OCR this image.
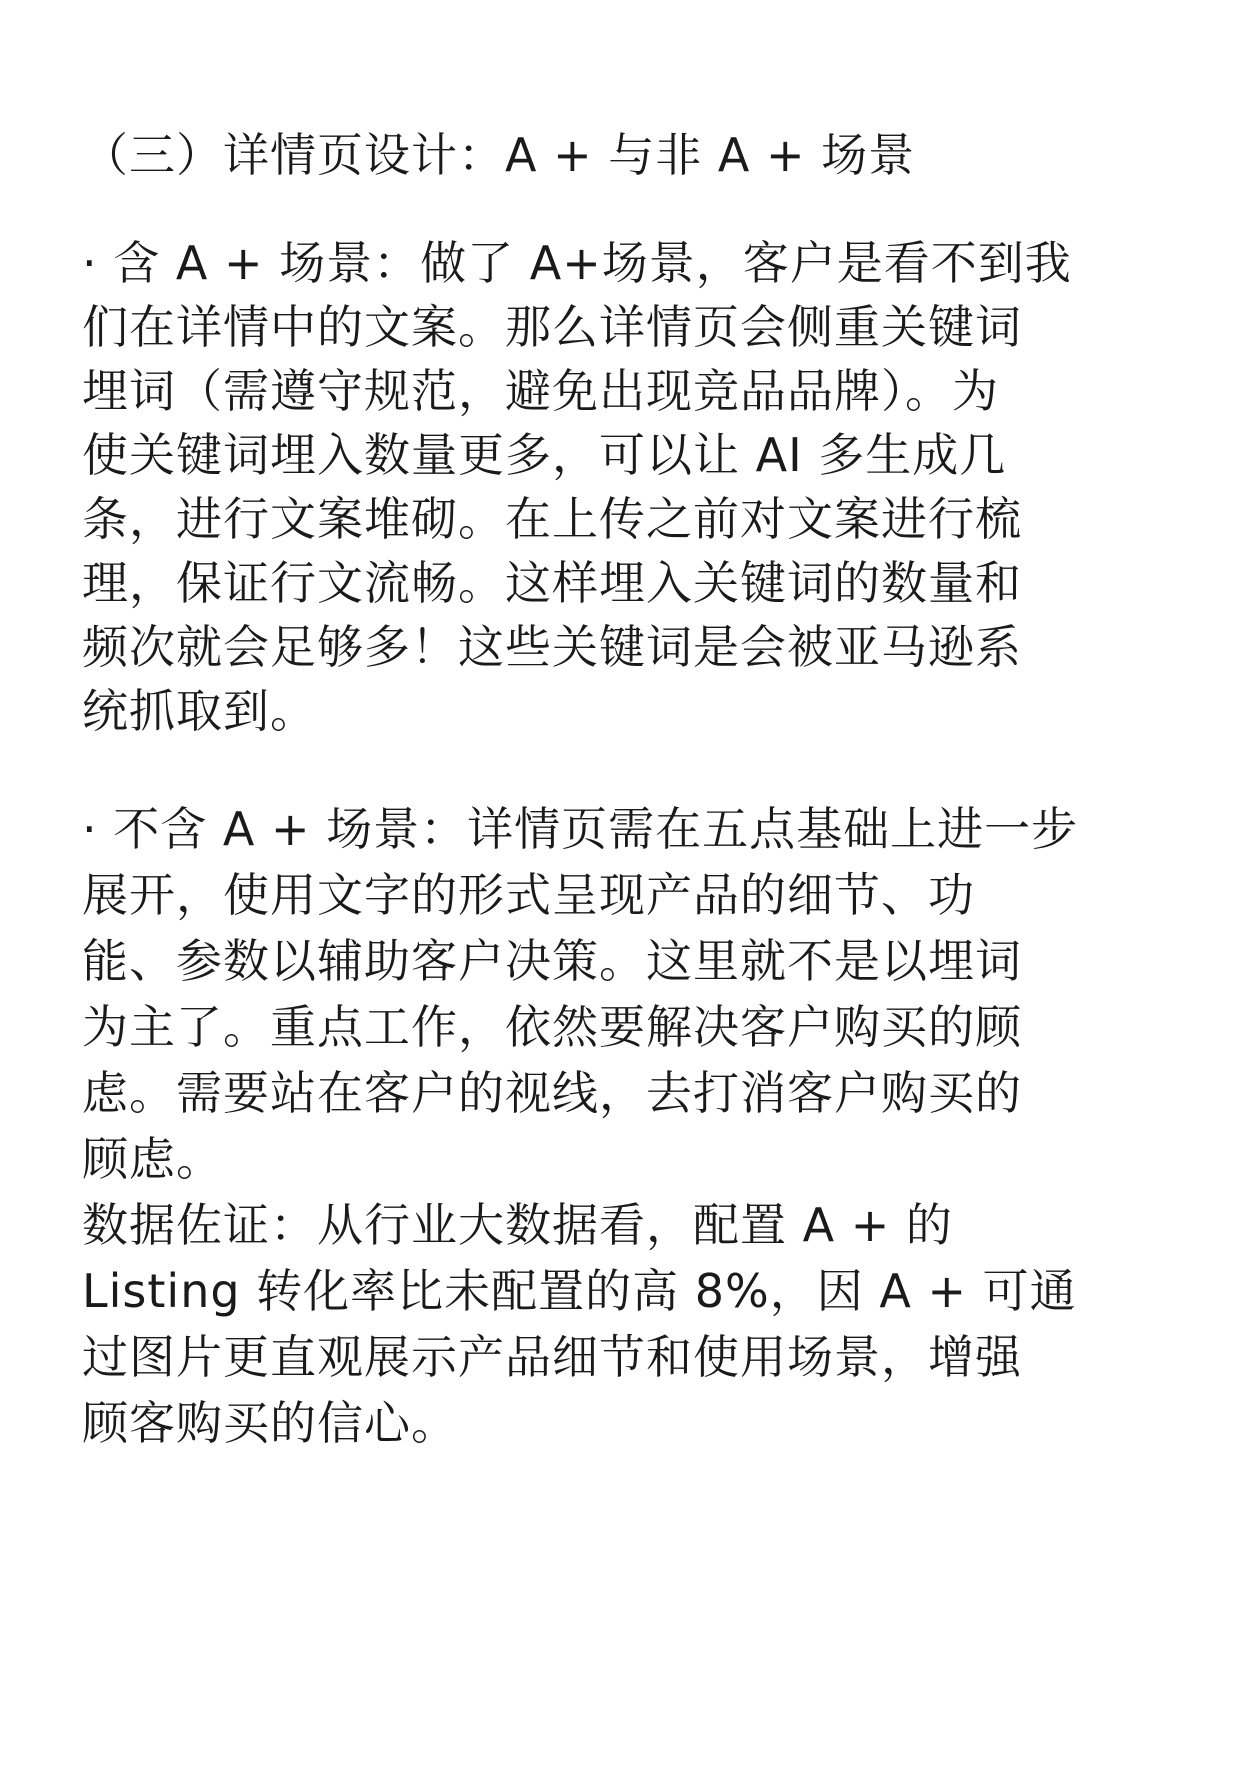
（三）详情页设计：A + 与非 A + 场景
· 含 A + 场景：做了 A+场景，客户是看不到我
们在详情中的文案。那么详情页会侧重关键词
埋词（需遵守规范，避免出现竞品品牌）。为
使关键词埋入数量更多，可以让 AI 多生成几
条，进行文案堆砌。在上传之前对文案进行梳
理，保证行文流畅。这样埋入关键词的数量和
频次就会足够多！这些关键词是会被亚马逊系
统抓取到。
· 不含 A + 场景：详情页需在五点基础上进一步
展开，使用文字的形式呈现产品的细节、功
能、参数以辅助客户决策。这里就不是以埋词
为主了。重点工作，依然要解决客户购买的顾
虑。需要站在客户的视线，去打消客户购买的
顾虑。
数据佐证：从行业大数据看，配置 A + 的
Listing 转化率比未配置的高 8%，因 A + 可通
过图片更直观展示产品细节和使用场景，增强
顾客购买的信心。
